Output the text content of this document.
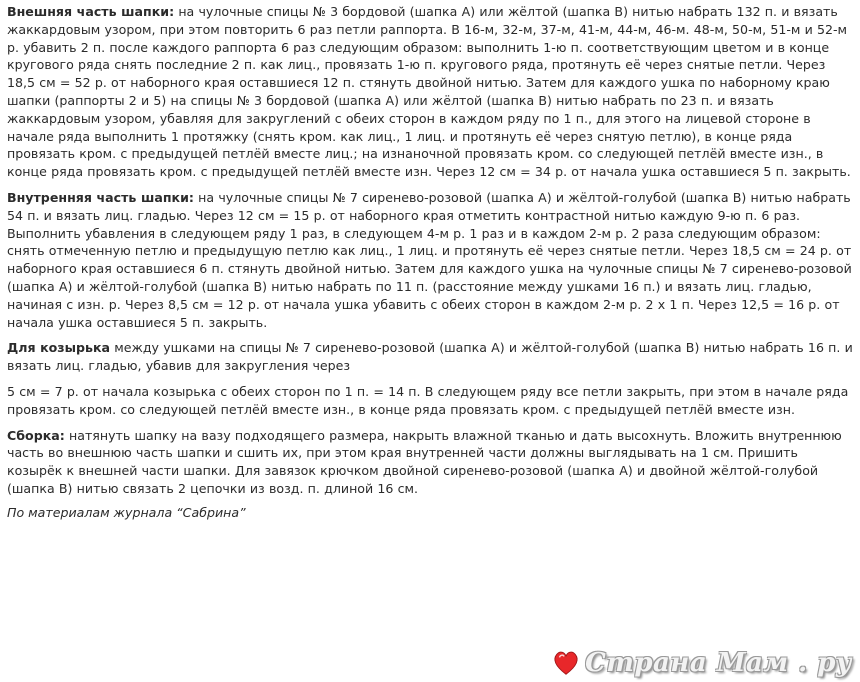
Внешняя часть шапки: на чулочные спицы № 3 бордовой (шапка А) или жёлтой (шапка В) нитью набрать 132 п. и вязать жаккардовым узором, при этом повторить 6 раз петли раппорта. В 16-м, 32-м, 37-м, 41-м, 44-м, 46-м. 48-м, 50-м, 51-м и 52-м р. убавить 2 п. после каждого раппорта 6 раз следующим образом: выполнить 1-ю п. соответствующим цветом и в конце кругового ряда снять последние 2 п. как лиц., провязать 1-ю п. кругового ряда, протянуть её через снятые петли. Через 18,5 см = 52 р. от наборного края оставшиеся 12 п. стянуть двойной нитью. Затем для каждого ушка по наборному краю шапки (раппорты 2 и 5) на спицы № 3 бордовой (шапка А) или жёлтой (шапка В) нитью набрать по 23 п. и вязать жаккардовым узором, убавляя для закруглений с обеих сторон в каждом ряду по 1 п., для этого на лицевой стороне в начале ряда выполнить 1 протяжку (снять кром. как лиц., 1 лиц. и протянуть её через снятую петлю), в конце ряда провязать кром. с предыдущей петлёй вместе лиц.; на изнаночной провязать кром. со следующей петлёй вместе изн., в конце ряда провязать кром. с предыдущей петлёй вместе изн. Через 12 см = 34 р. от начала ушка оставшиеся 5 п. закрыть.

Внутренняя часть шапки: на чулочные спицы № 7 сиренево-розовой (шапка А) и жёлтой-голубой (шапка В) нитью набрать 54 п. и вязать лиц. гладью. Через 12 см = 15 р. от наборного края отметить контрастной нитью каждую 9-ю п. 6 раз. Выполнить убавления в следующем ряду 1 раз, в следующем 4-м р. 1 раз и в каждом 2-м р. 2 раза следующим образом: снять отмеченную петлю и предыдущую петлю как лиц., 1 лиц. и протянуть её через снятые петли. Через 18,5 см = 24 р. от наборного края оставшиеся 6 п. стянуть двойной нитью. Затем для каждого ушка на чулочные спицы № 7 сиренево-розовой (шапка А) и жёлтой-голубой (шапка В) нитью набрать по 11 п. (расстояние между ушками 16 п.) и вязать лиц. гладью, начиная с изн. р. Через 8,5 см = 12 р. от начала ушка убавить с обеих сторон в каждом 2-м р. 2 х 1 п. Через 12,5 = 16 р. от начала ушка оставшиеся 5 п. закрыть.

Для козырька между ушками на спицы № 7 сиренево-розовой (шапка А) и жёлтой-голубой (шапка В) нитью набрать 16 п. и вязать лиц. гладью, убавив для закругления через

5 см = 7 р. от начала козырька с обеих сторон по 1 п. = 14 п. В следующем ряду все петли закрыть, при этом в начале ряда провязать кром. со следующей петлёй вместе изн., в конце ряда провязать кром. с предыдущей петлёй вместе изн.

Сборка: натянуть шапку на вазу подходящего размера, накрыть влажной тканью и дать высохнуть. Вложить внутреннюю часть во внешнюю часть шапки и сшить их, при этом края внутренней части должны выглядывать на 1 см. Пришить козырёк к внешней части шапки. Для завязок крючком двойной сиренево-розовой (шапка А) и двойной жёлтой-голубой (шапка В) нитью связать 2 цепочки из возд. п. длиной 16 см.

По материалам журнала “Сабрина”
Страна Мам . ру
